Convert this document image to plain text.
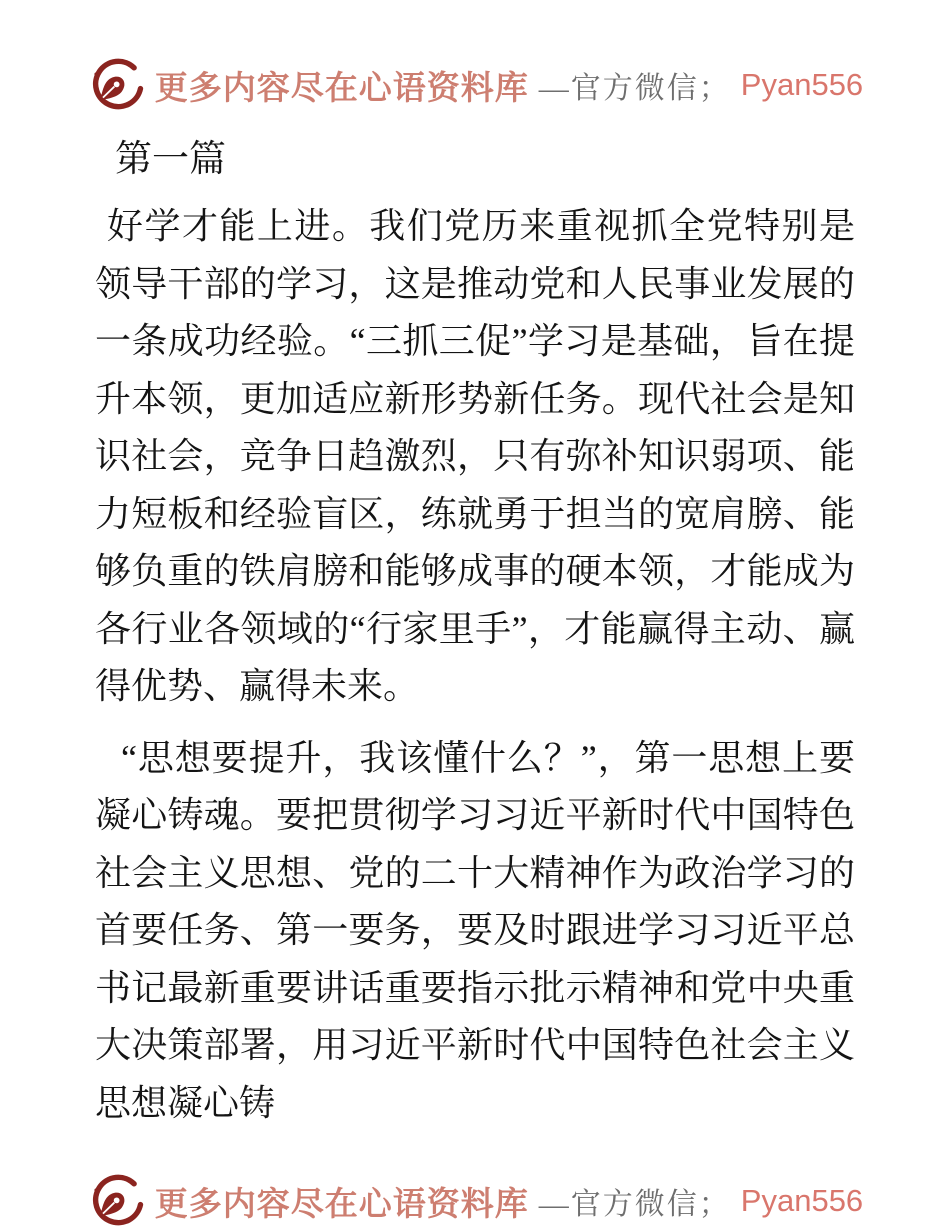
更多内容尽在心语资料库 —官方微信； Pyan556
第一篇

好学才能上进。我们党历来重视抓全党特别是领导干部的学习，这是推动党和人民事业发展的一条成功经验。“三抓三促”学习是基础，旨在提升本领，更加适应新形势新任务。现代社会是知识社会，竞争日趋激烈，只有弥补知识弱项、能力短板和经验盲区，练就勇于担当的宽肩膀、能够负重的铁肩膀和能够成事的硬本领，才能成为各行业各领域的“行家里手”，才能赢得主动、赢得优势、赢得未来。

“思想要提升，我该懂什么？”，第一思想上要凝心铸魂。要把贯彻学习习近平新时代中国特色社会主义思想、党的二十大精神作为政治学习的首要任务、第一要务，要及时跟进学习习近平总书记最新重要讲话重要指示批示精神和党中央重大决策部署，用习近平新时代中国特色社会主义思想凝心铸

更多内容尽在心语资料库 —官方微信； Pyan556
